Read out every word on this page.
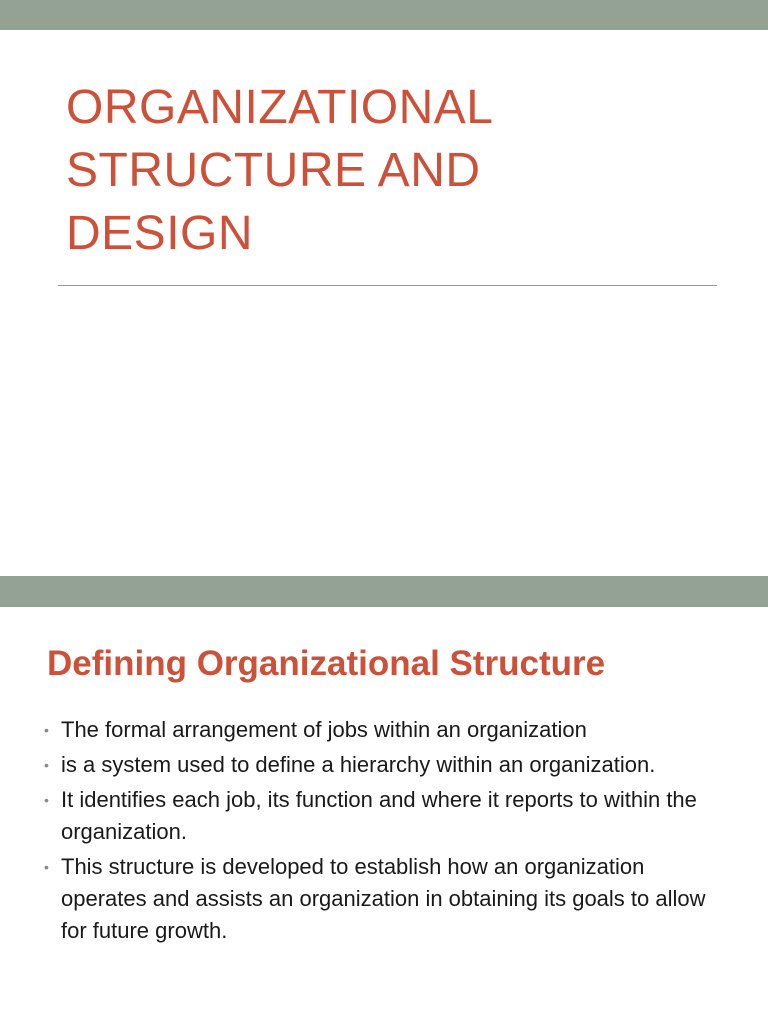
ORGANIZATIONAL
STRUCTURE AND
DESIGN
Defining Organizational Structure
• The formal arrangement of jobs within an organization
• is a system used to define a hierarchy within an organization.
• It identifies each job, its function and where it reports to within the organization.
• This structure is developed to establish how an organization operates and assists an organization in obtaining its goals to allow for future growth.
